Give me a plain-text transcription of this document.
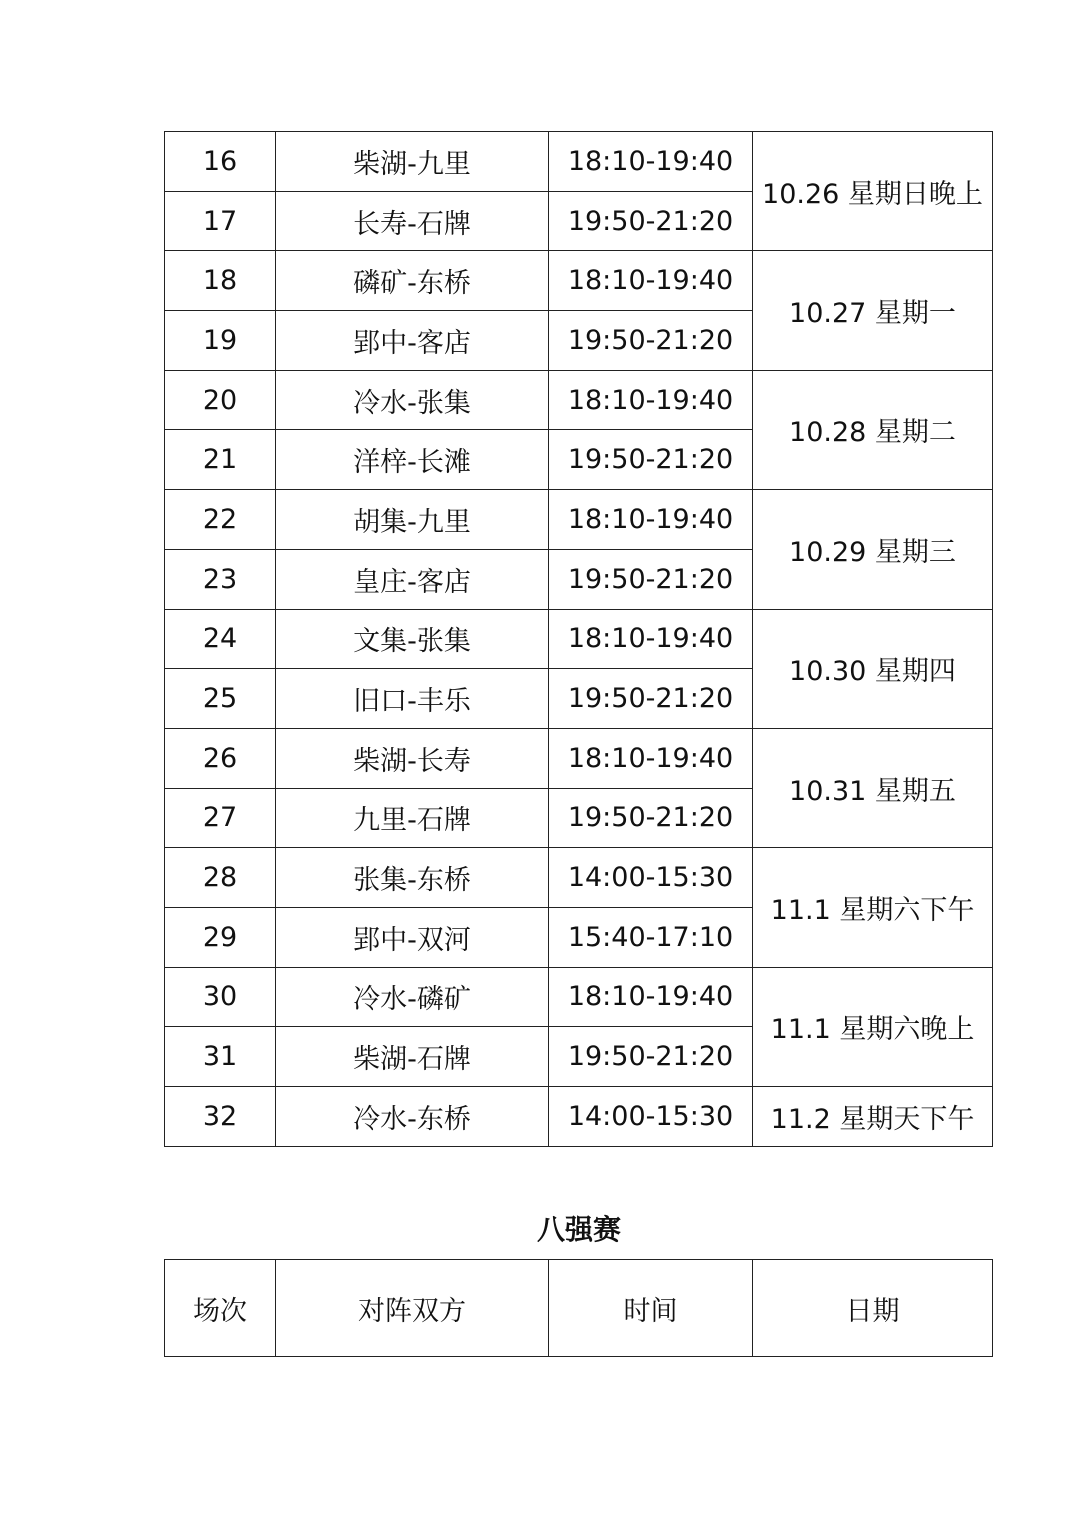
16	柴湖-九里	18:10-19:40	10.26 星期日晚上
17	长寿-石牌	19:50-21:20	
18	磷矿-东桥	18:10-19:40	10.27 星期一
19	郢中-客店	19:50-21:20	
20	冷水-张集	18:10-19:40	10.28 星期二
21	洋梓-长滩	19:50-21:20	
22	胡集-九里	18:10-19:40	10.29 星期三
23	皇庄-客店	19:50-21:20	
24	文集-张集	18:10-19:40	10.30 星期四
25	旧口-丰乐	19:50-21:20	
26	柴湖-长寿	18:10-19:40	10.31 星期五
27	九里-石牌	19:50-21:20	
28	张集-东桥	14:00-15:30	11.1 星期六下午
29	郢中-双河	15:40-17:10	
30	冷水-磷矿	18:10-19:40	11.1 星期六晚上
31	柴湖-石牌	19:50-21:20	
32	冷水-东桥	14:00-15:30	11.2 星期天下午
八强赛
场次	对阵双方	时间	日期
